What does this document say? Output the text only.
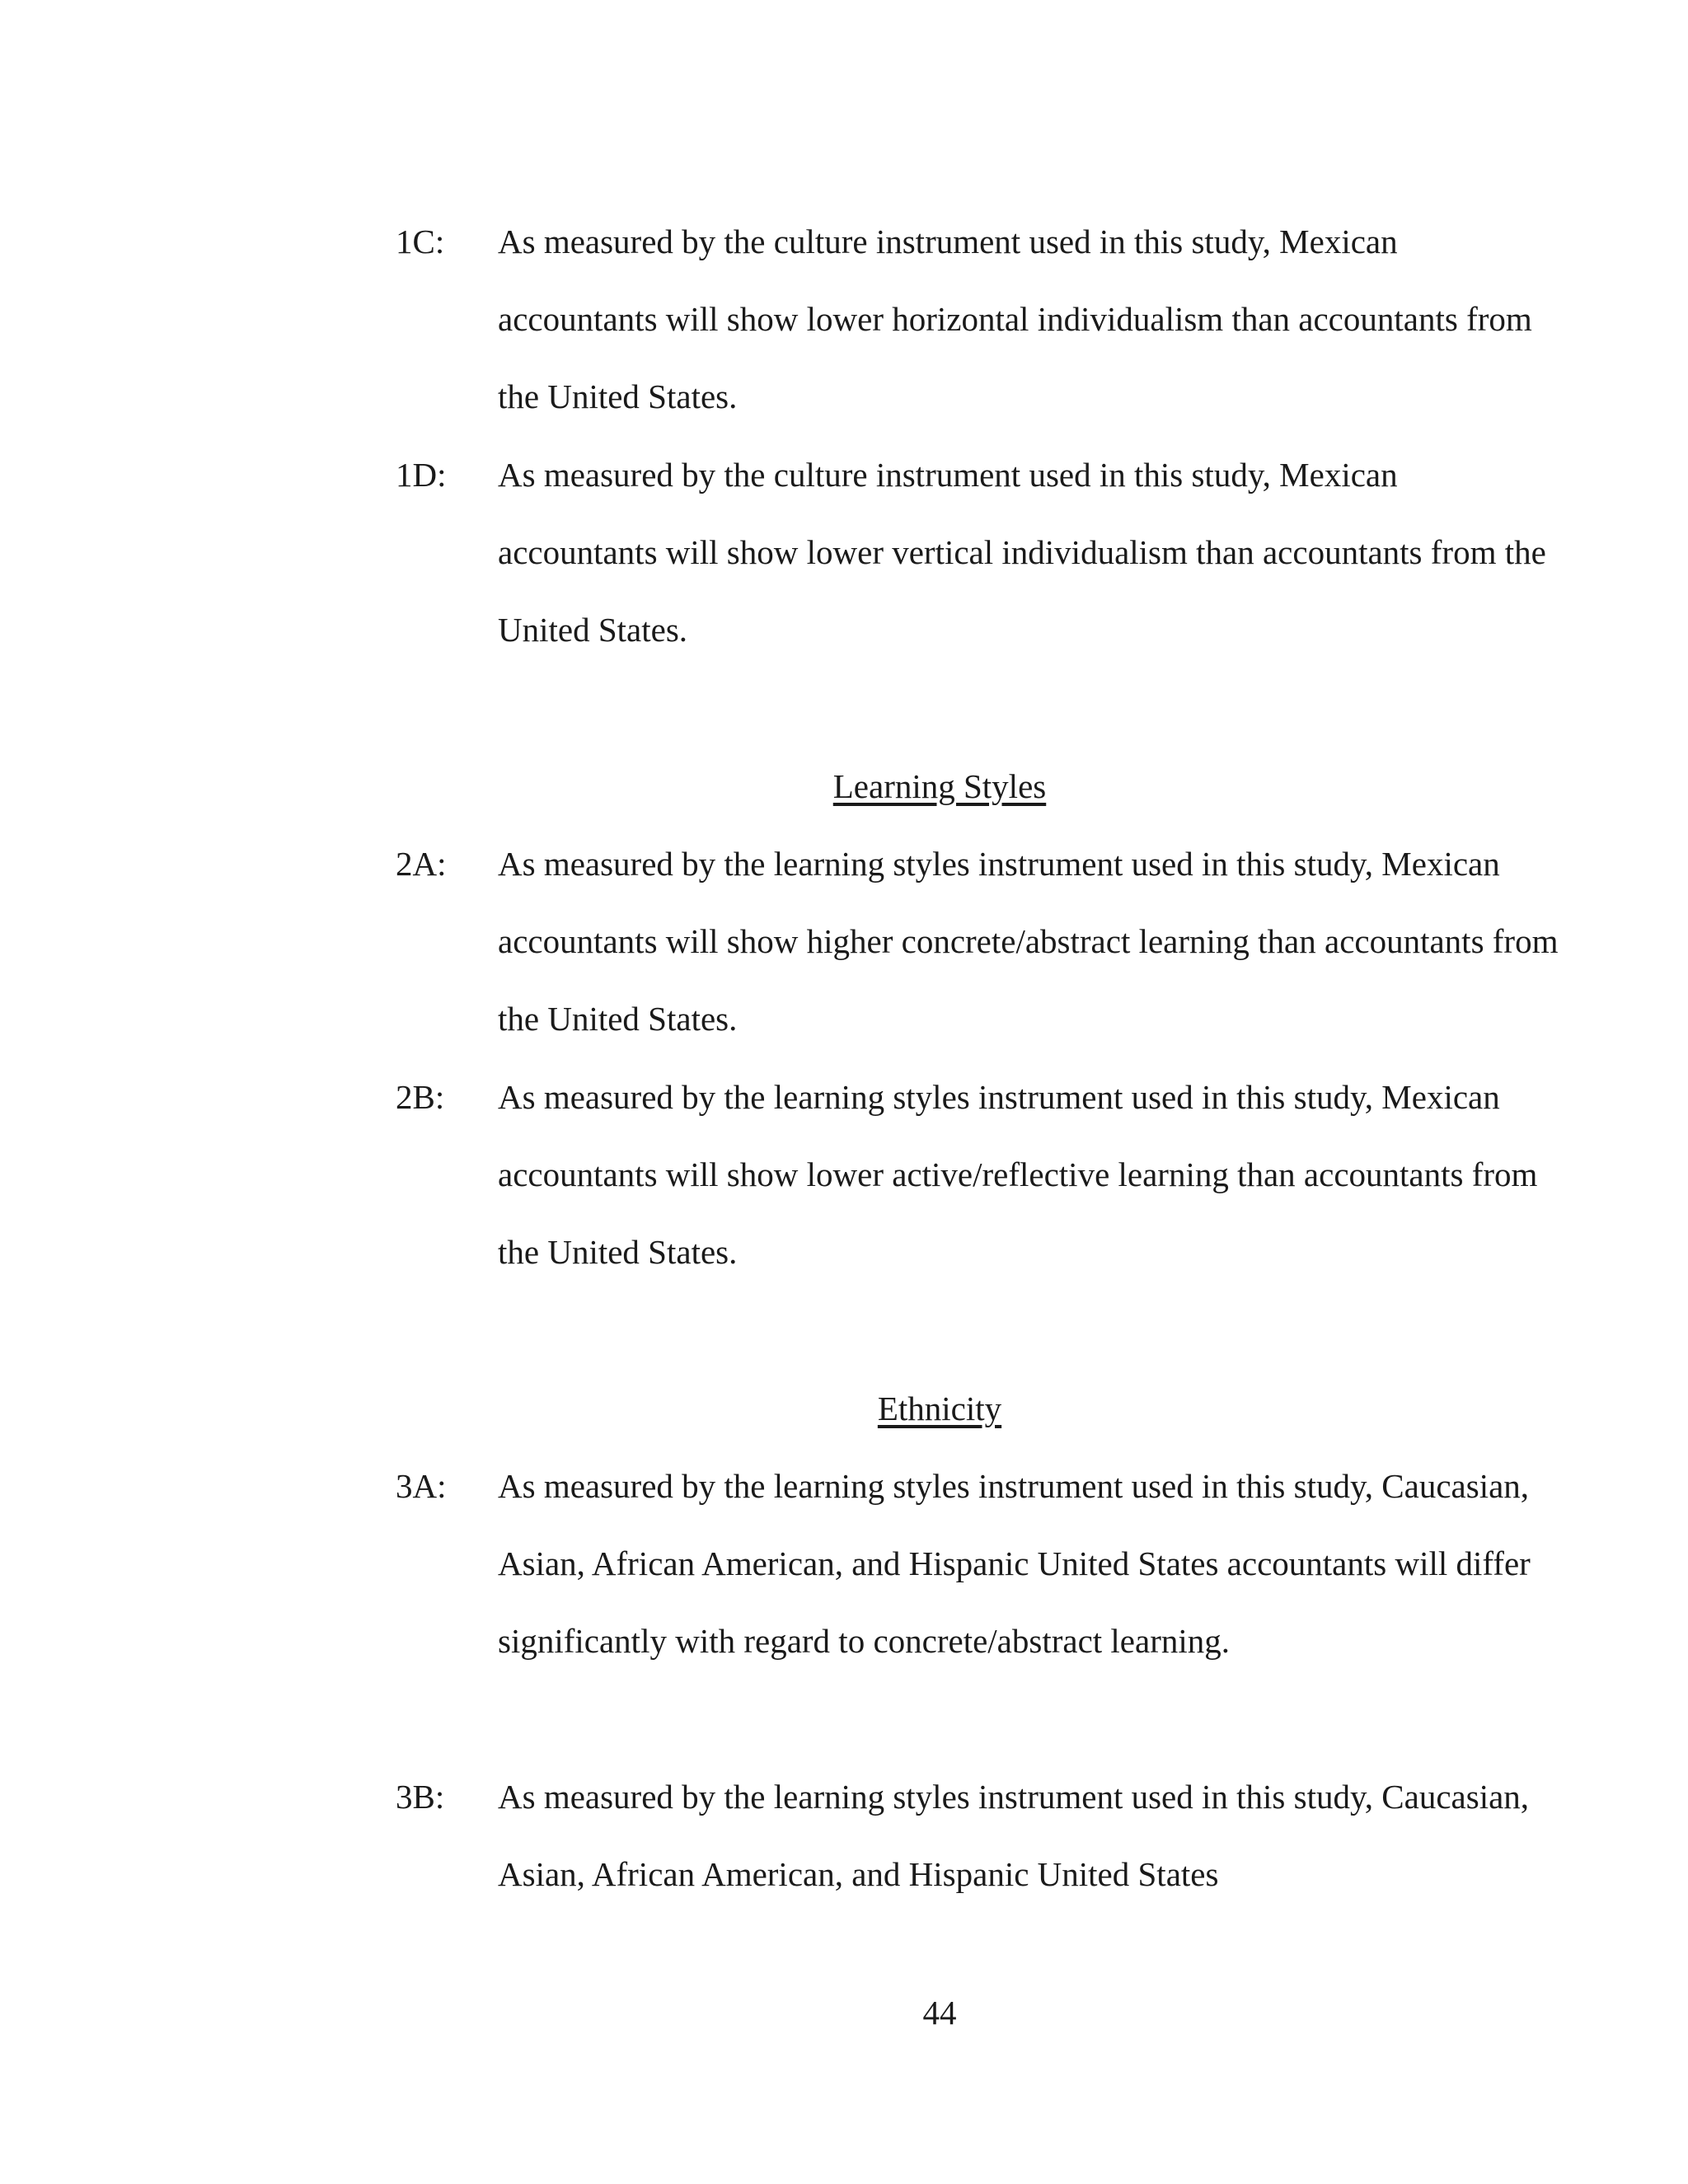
1C:	As measured by the culture instrument used in this study, Mexican accountants will show lower horizontal individualism than accountants from the United States.
1D:	As measured by the culture instrument used in this study, Mexican accountants will show lower vertical individualism than accountants from the United States.
Learning Styles
2A:	As measured by the learning styles instrument used in this study, Mexican accountants will show higher concrete/abstract learning than accountants from the United States.
2B:	As measured by the learning styles instrument used in this study, Mexican accountants will show lower active/reflective learning than accountants from the United States.
Ethnicity
3A:	As measured by the learning styles instrument used in this study, Caucasian, Asian, African American, and Hispanic United States accountants will differ significantly with regard to concrete/abstract learning.
3B:	As measured by the learning styles instrument used in this study, Caucasian, Asian, African American, and Hispanic United States
44
